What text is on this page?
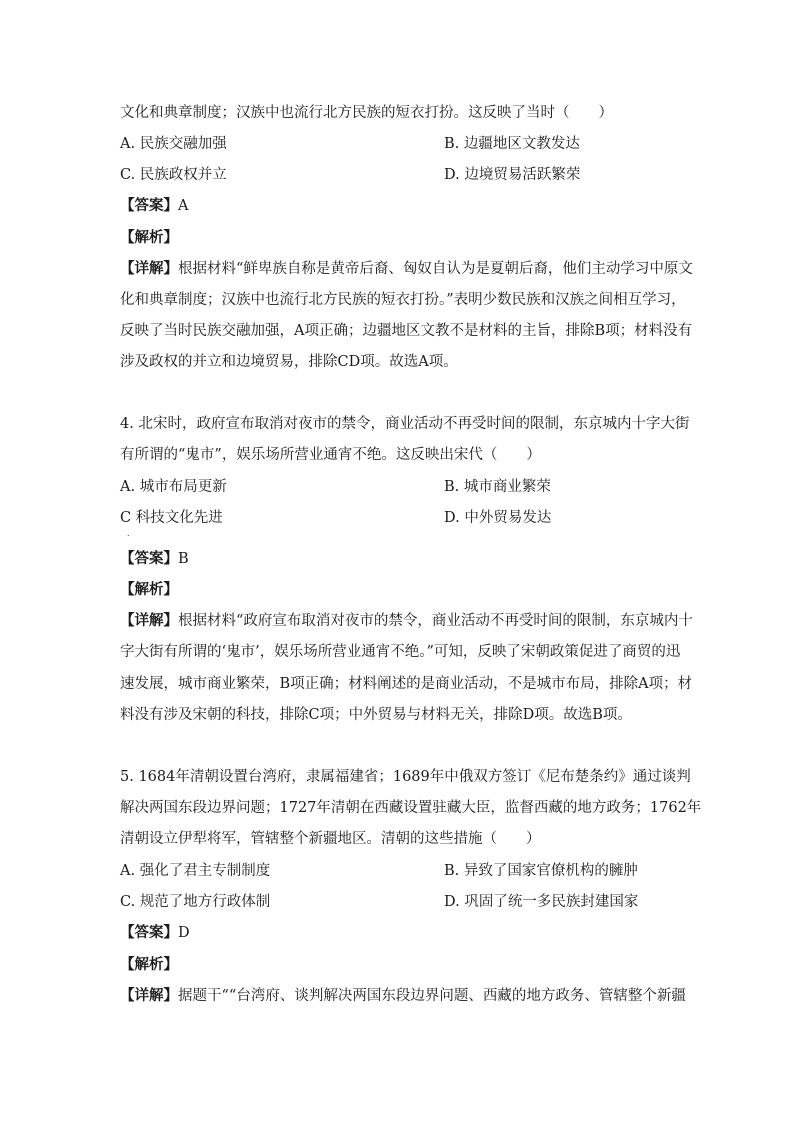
文化和典章制度；汉族中也流行北方民族的短衣打扮。这反映了当时（　　）
A. 民族交融加强	B. 边疆地区文教发达
C. 民族政权并立	D. 边境贸易活跃繁荣
【答案】A
【解析】
【详解】根据材料“鲜卑族自称是黄帝后裔、匈奴自认为是夏朝后裔，他们主动学习中原文
化和典章制度；汉族中也流行北方民族的短衣打扮。”表明少数民族和汉族之间相互学习，
反映了当时民族交融加强，A项正确；边疆地区文教不是材料的主旨，排除B项；材料没有
涉及政权的并立和边境贸易，排除CD项。故选A项。
4. 北宋时，政府宣布取消对夜市的禁令，商业活动不再受时间的限制，东京城内十字大街
有所谓的“鬼市”，娱乐场所营业通宵不绝。这反映出宋代（　　）
A. 城市布局更新	B. 城市商业繁荣
C 科技文化先进	D. 中外贸易发达
．
【答案】B
【解析】
【详解】根据材料“政府宣布取消对夜市的禁令，商业活动不再受时间的限制，东京城内十
字大街有所谓的‘鬼市’，娱乐场所营业通宵不绝。”可知，反映了宋朝政策促进了商贸的迅
速发展，城市商业繁荣，B项正确；材料阐述的是商业活动，不是城市布局，排除A项；材
料没有涉及宋朝的科技，排除C项；中外贸易与材料无关，排除D项。故选B项。
5. 1684年清朝设置台湾府，隶属福建省；1689年中俄双方签订《尼布楚条约》通过谈判
解决两国东段边界问题；1727年清朝在西藏设置驻藏大臣，监督西藏的地方政务；1762年
清朝设立伊犁将军，管辖整个新疆地区。清朝的这些措施（　　）
A. 强化了君主专制制度	B. 异致了国家官僚机构的臃肿
C. 规范了地方行政体制	D. 巩固了统一多民族封建国家
【答案】D
【解析】
【详解】据题干““台湾府、谈判解决两国东段边界问题、西藏的地方政务、管辖整个新疆
